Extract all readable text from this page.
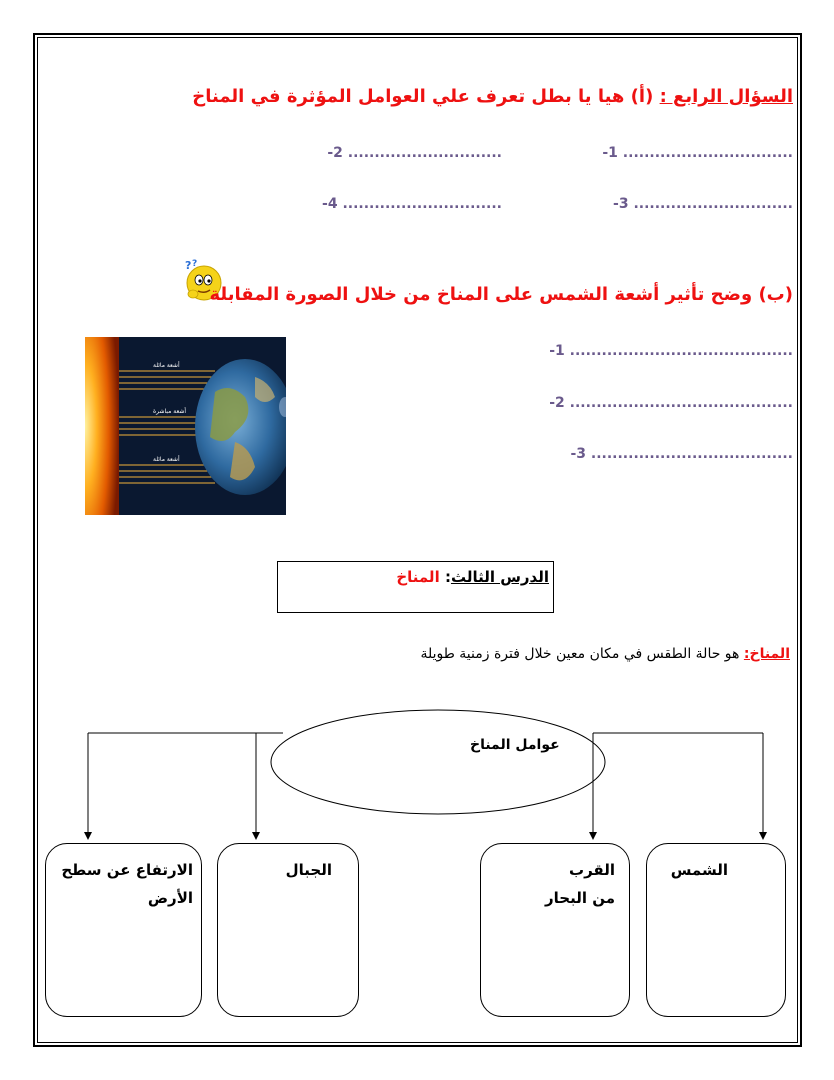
السؤال الرابع : (أ) هيا يا بطل تعرف علي العوامل المؤثرة في المناخ
-1 ................................
-2 .............................
-3 ..............................
-4 ..............................
? ?
(ب) وضح تأثير أشعة الشمس على المناخ من خلال الصورة المقابلة
أشعة مائلة
أشعة مباشرة
أشعة مائلة
-1 ..........................................
-2 ..........................................
-3 ......................................
الدرس الثالث: المناخ
المناخ: هو حالة الطقس في مكان معين خلال فترة زمنية طويلة
عوامل المناخ
الشمس
القرب من البحار
الجبال
الارتفاع عن سطح الأرض
